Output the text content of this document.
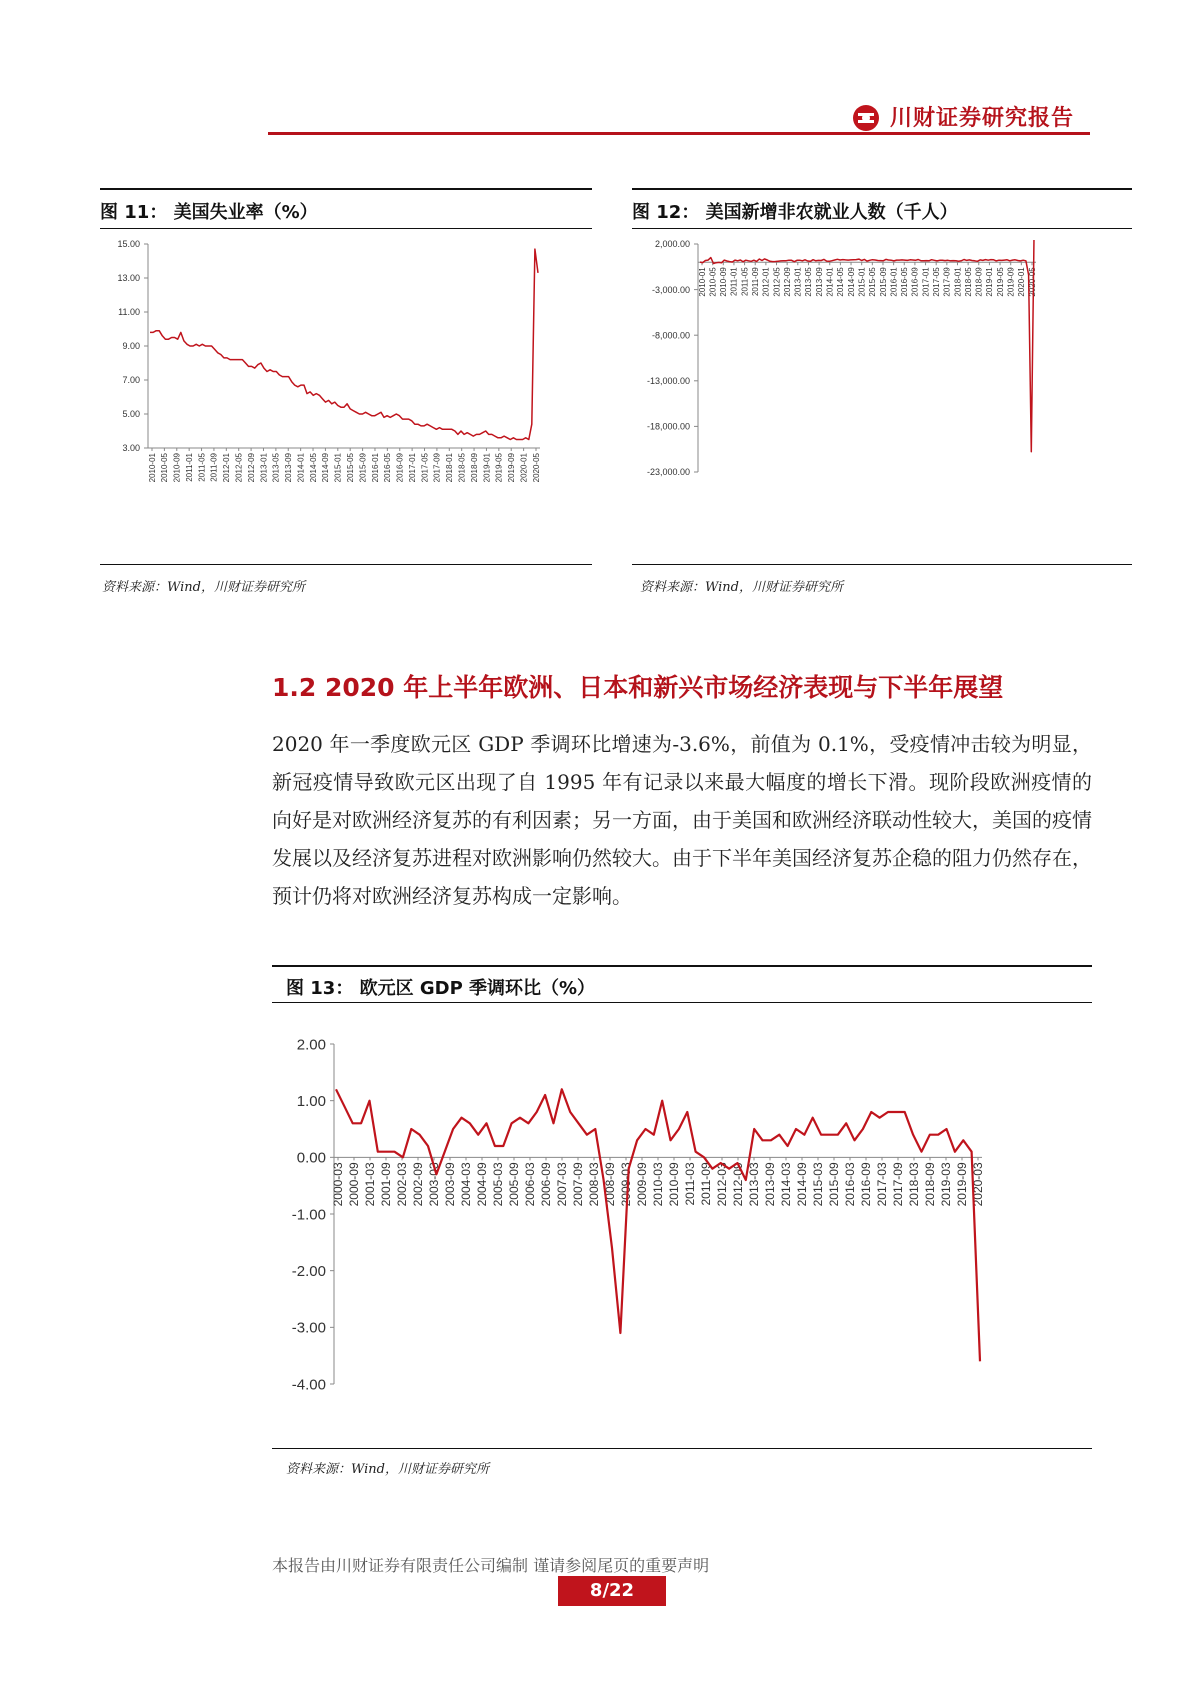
川财证券研究报告
图 11： 美国失业率（%）
15.00
13.00
11.00
9.00
7.00
5.00
3.00
2010-01 2010-05 2010-09 2011-01 2011-05 2011-09 2012-01 2012-05 2012-09 2013-01 2013-05 2013-09 2014-01 2014-05 2014-09 2015-01 2015-05 2015-09 2016-01 2016-05 2016-09 2017-01 2017-05 2017-09 2018-01 2018-05 2018-09 2019-01 2019-05 2019-09 2020-01 2020-05
资料来源：Wind，川财证券研究所
图 12： 美国新增非农就业人数（千人）
2,000.00
-3,000.00
-8,000.00
-13,000.00
-18,000.00
-23,000.00
2010-01 2010-05 2010-09 2011-01 2011-05 2011-09 2012-01 2012-05 2012-09 2013-01 2013-05 2013-09 2014-01 2014-05 2014-09 2015-01 2015-05 2015-09 2016-01 2016-05 2016-09 2017-01 2017-05 2017-09 2018-01 2018-05 2018-09 2019-01 2019-05 2019-09 2020-01 2020-05
资料来源：Wind，川财证券研究所
1.2 2020 年上半年欧洲、日本和新兴市场经济表现与下半年展望
2020 年一季度欧元区 GDP 季调环比增速为-3.6%，前值为 0.1%，受疫情冲击较为明显，新冠疫情导致欧元区出现了自 1995 年有记录以来最大幅度的增长下滑。现阶段欧洲疫情的向好是对欧洲经济复苏的有利因素；另一方面，由于美国和欧洲经济联动性较大，美国的疫情发展以及经济复苏进程对欧洲影响仍然较大。由于下半年美国经济复苏企稳的阻力仍然存在，预计仍将对欧洲经济复苏构成一定影响。
图 13： 欧元区 GDP 季调环比（%）
2.00
1.00
0.00
-1.00
-2.00
-3.00
-4.00
2000-03 2000-09 2001-03 2001-09 2002-03 2002-09 2003-03 2003-09 2004-03 2004-09 2005-03 2005-09 2006-03 2006-09 2007-03 2007-09 2008-03 2008-09 2009-03 2009-09 2010-03 2010-09 2011-03 2011-09 2012-03 2012-09 2013-03 2013-09 2014-03 2014-09 2015-03 2015-09 2016-03 2016-09 2017-03 2017-09 2018-03 2018-09 2019-03 2019-09 2020-03
资料来源：Wind，川财证券研究所
本报告由川财证券有限责任公司编制 谨请参阅尾页的重要声明
8/22
